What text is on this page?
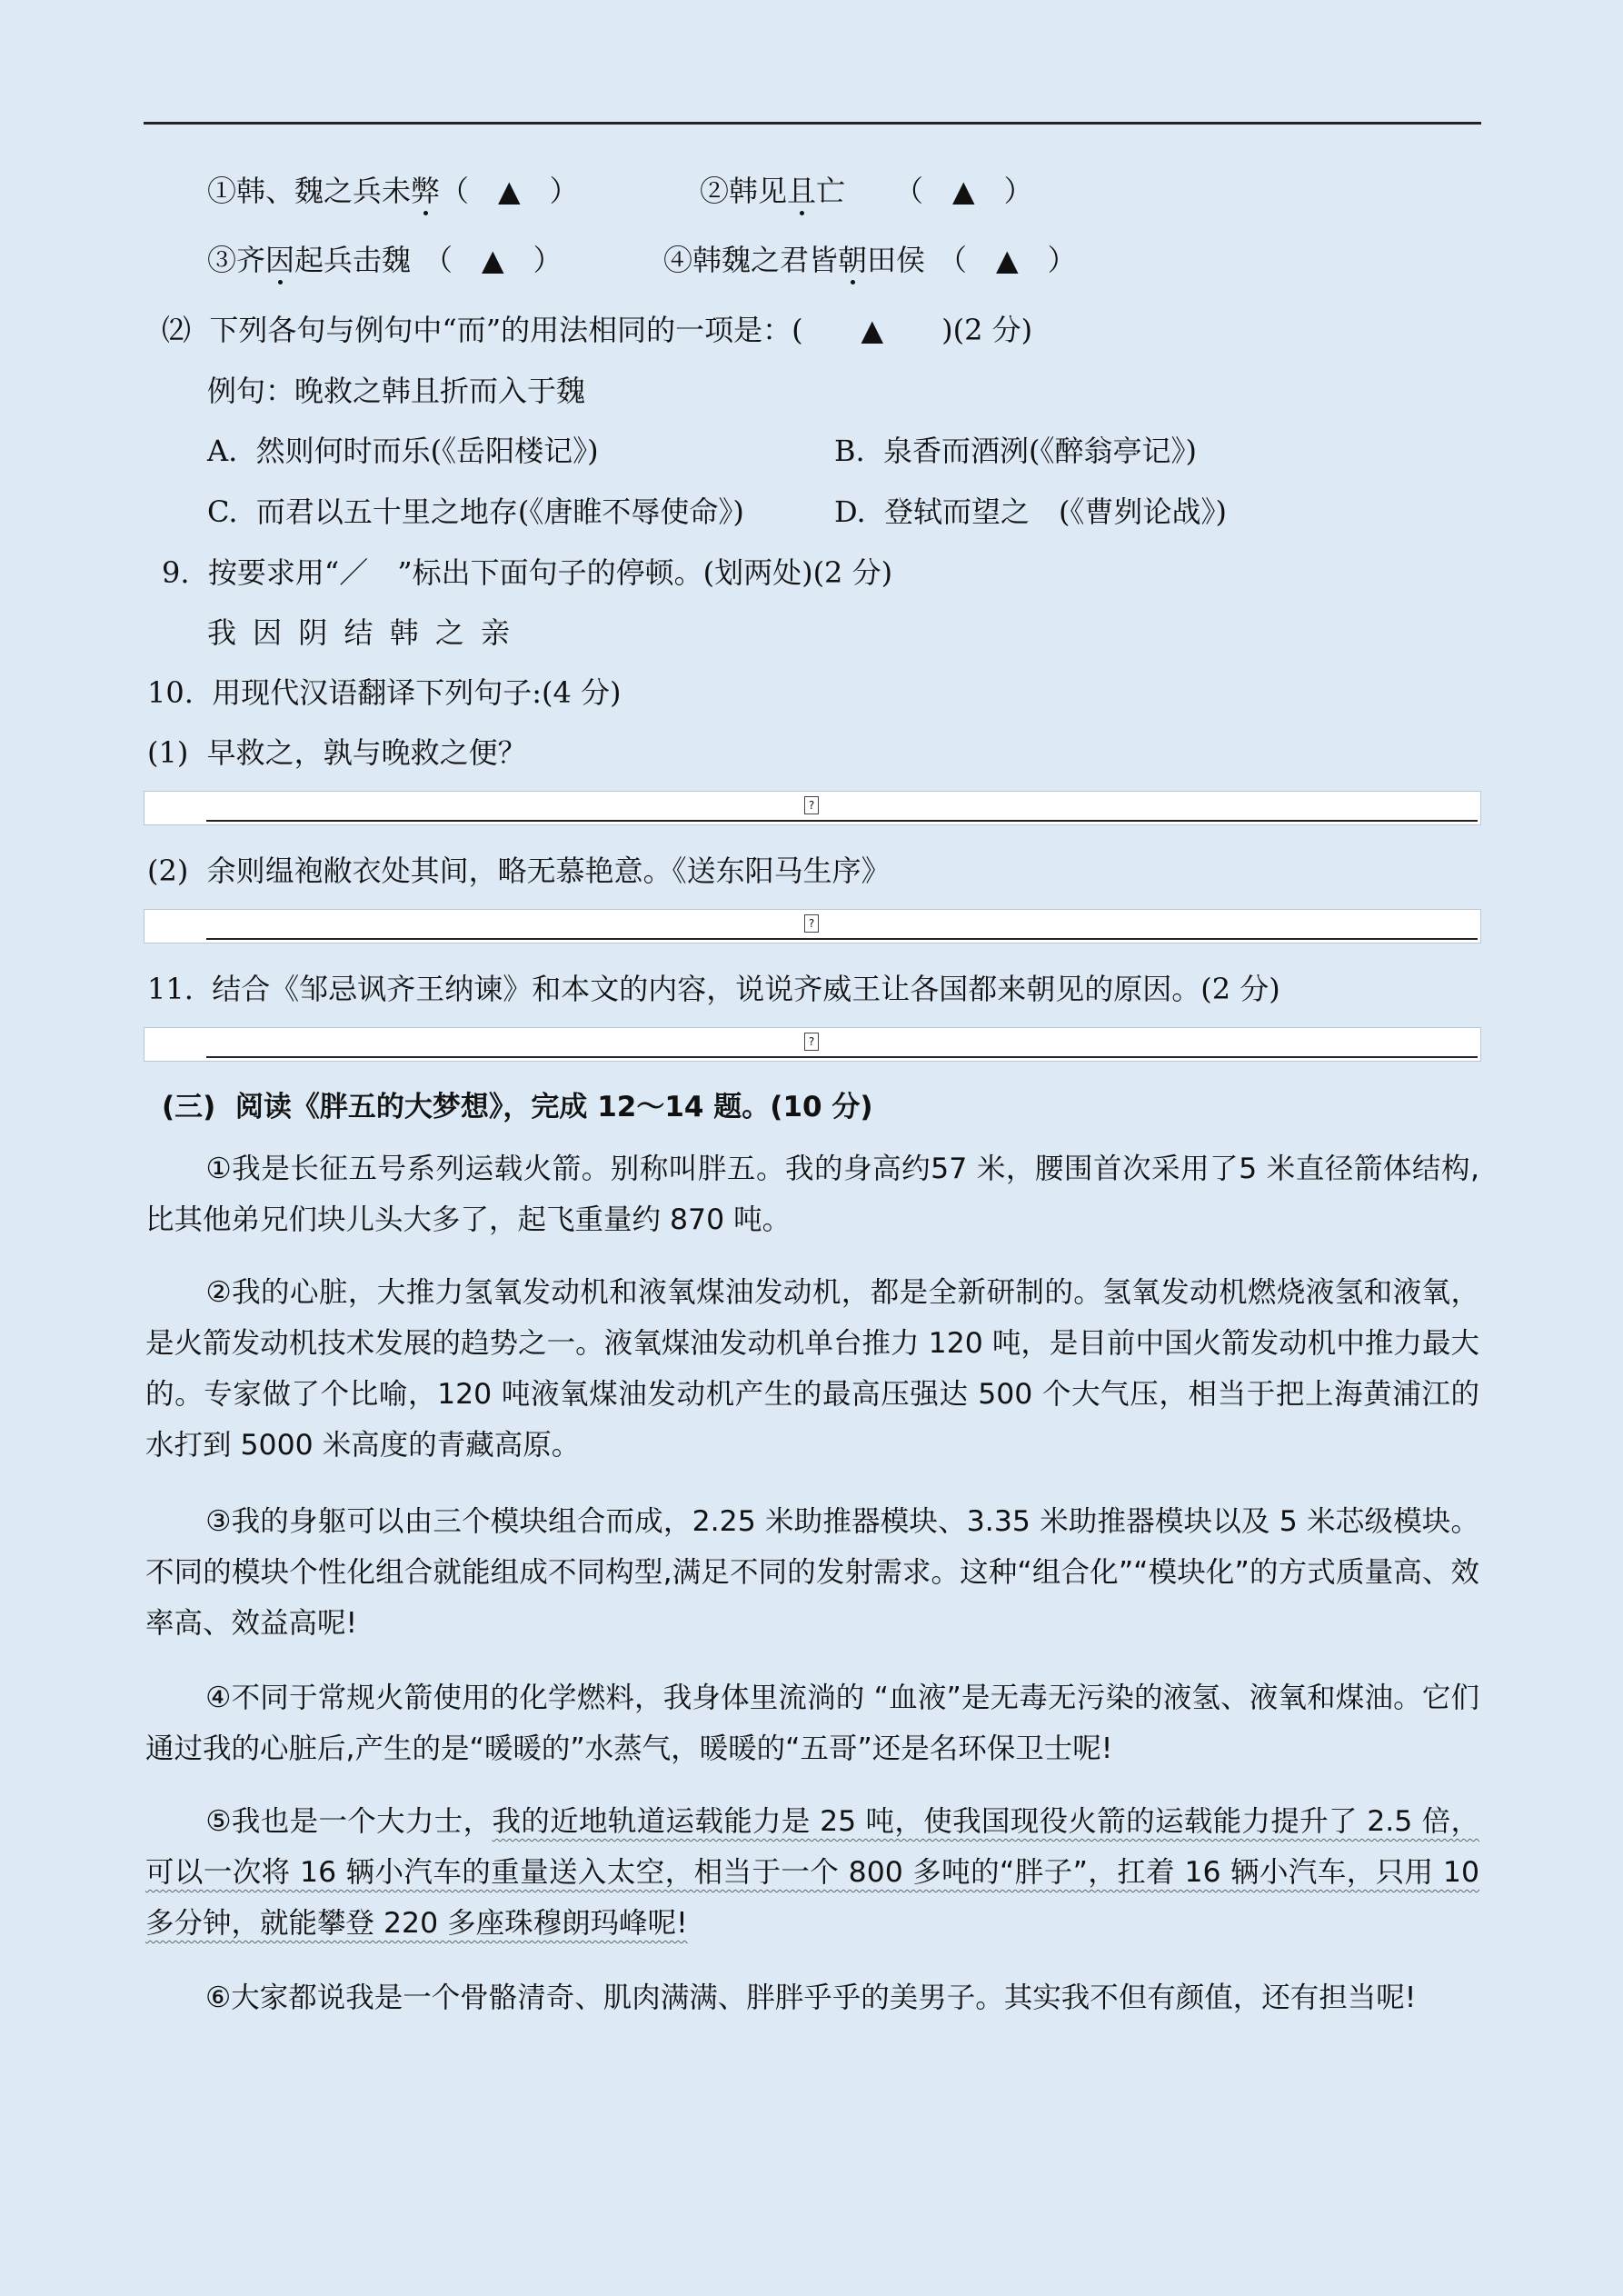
①韩、魏之兵未弊（　▲　）	②韩见且亡 （　▲　）
③齐因起兵击魏 （　▲　）	④韩魏之君皆朝田侯 （　▲　）
⑵  下列各句与例句中“而”的用法相同的一项是：(　　▲　　)(2 分)
例句：晚救之韩且折而入于魏
A.  然则何时而乐(《岳阳楼记》)	B.  泉香而酒洌(《醉翁亭记》)
C.  而君以五十里之地存(《唐睢不辱使命》)	D.  登轼而望之　(《曹刿论战》)
9.  按要求用“／　”标出下面句子的停顿。(划两处)(2 分)
我 因 阴 结 韩 之 亲
10.  用现代汉语翻译下列句子:(4 分)
(1)  早救之，孰与晚救之便？
?
(2)  余则缊袍敝衣处其间，略无慕艳意。《送东阳马生序》
?
11.  结合《邹忌讽齐王纳谏》和本文的内容，说说齐威王让各国都来朝见的原因。(2 分)
?
(三)  阅读《胖五的大梦想》，完成 12～14 题。(10 分)

①我是长征五号系列运载火箭。别称叫胖五。我的身高约57 米，腰围首次采用了5 米直径箭体结构,比其他弟兄们块儿头大多了，起飞重量约 870 吨。

②我的心脏，大推力氢氧发动机和液氧煤油发动机，都是全新研制的。氢氧发动机燃烧液氢和液氧，是火箭发动机技术发展的趋势之一。液氧煤油发动机单台推力 120 吨，是目前中国火箭发动机中推力最大的。专家做了个比喻，120 吨液氧煤油发动机产生的最高压强达 500 个大气压，相当于把上海黄浦江的水打到 5000 米高度的青藏高原。

③我的身躯可以由三个模块组合而成，2.25 米助推器模块、3.35 米助推器模块以及 5 米芯级模块。不同的模块个性化组合就能组成不同构型,满足不同的发射需求。这种“组合化”“模块化”的方式质量高、效率高、效益高呢!

④不同于常规火箭使用的化学燃料，我身体里流淌的 “血液”是无毒无污染的液氢、液氧和煤油。它们通过我的心脏后,产生的是“暖暖的”水蒸气，暖暖的“五哥”还是名环保卫士呢!

⑤我也是一个大力士，我的近地轨道运载能力是 25 吨，使我国现役火箭的运载能力提升了 2.5 倍，可以一次将 16 辆小汽车的重量送入太空，相当于一个 800 多吨的“胖子”，扛着 16 辆小汽车，只用 10 多分钟，就能攀登 220 多座珠穆朗玛峰呢!

⑥大家都说我是一个骨骼清奇、肌肉满满、胖胖乎乎的美男子。其实我不但有颜值，还有担当呢!
